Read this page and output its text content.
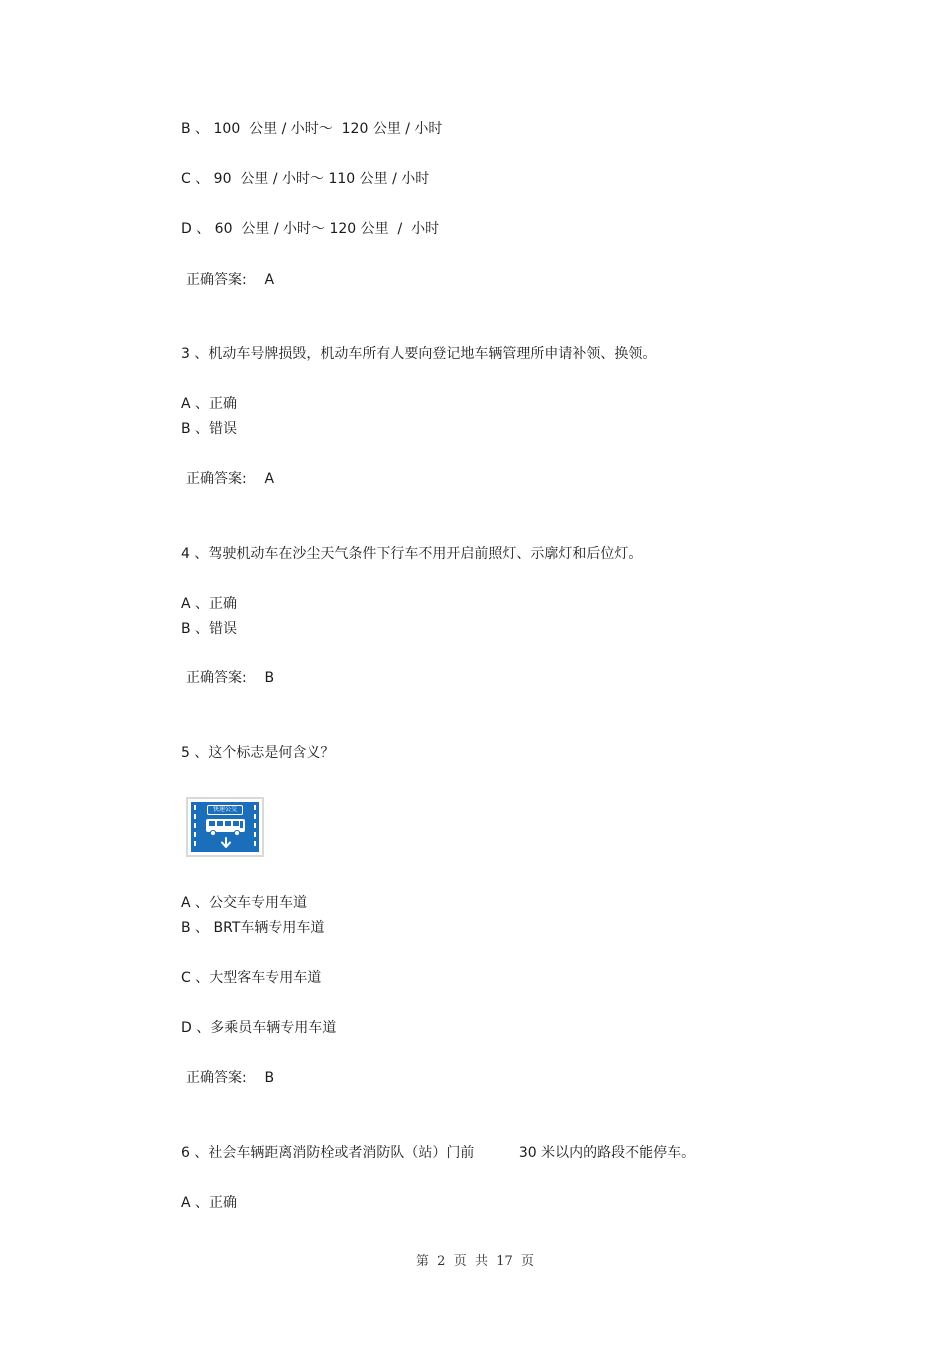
B 、 100  公里 / 小时～  120 公里 / 小时
C 、 90  公里 / 小时～ 110 公里 / 小时
D 、 60  公里 / 小时～ 120 公里  /  小时
正确答案:    A
3 、机动车号牌损毁，机动车所有人要向登记地车辆管理所申请补领、换领。
A 、正确
B 、错误
正确答案:    A
4 、驾驶机动车在沙尘天气条件下行车不用开启前照灯、示廓灯和后位灯。
A 、正确
B 、错误
正确答案:    B
5 、这个标志是何含义？
快速公交
A 、公交车专用车道
B 、 BRT车辆专用车道
C 、大型客车专用车道
D 、多乘员车辆专用车道
正确答案:    B
6 、社会车辆距离消防栓或者消防队（站）门前          30 米以内的路段不能停车。
A 、正确
第  2  页  共  17  页
